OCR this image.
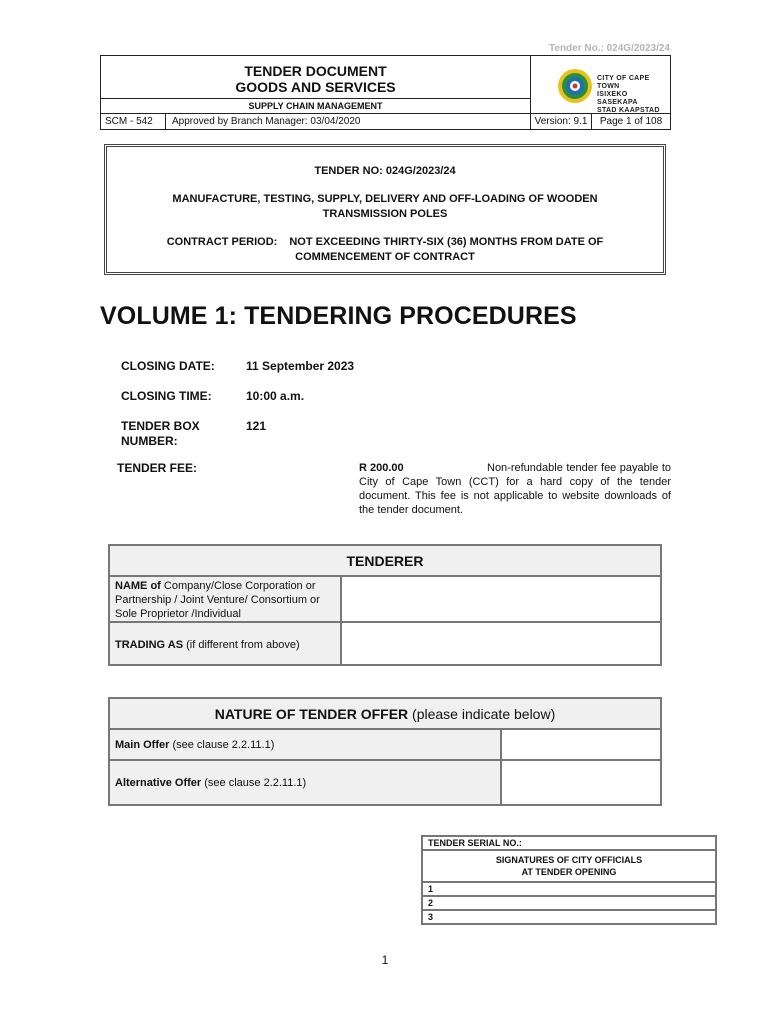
Tender No.: 024G/2023/24
TENDER DOCUMENT
GOODS AND SERVICES
SUPPLY CHAIN MANAGEMENT
SCM - 542	Approved by Branch Manager: 03/04/2020
CITY OF CAPE TOWN
ISIXEKO SASEKAPA
STAD KAAPSTAD
Version: 9.1	Page 1 of 108
TENDER NO: 024G/2023/24
MANUFACTURE, TESTING, SUPPLY, DELIVERY AND OFF-LOADING OF WOODEN TRANSMISSION POLES
CONTRACT PERIOD: NOT EXCEEDING THIRTY-SIX (36) MONTHS FROM DATE OF COMMENCEMENT OF CONTRACT
VOLUME 1: TENDERING PROCEDURES
CLOSING DATE:	11 September 2023
CLOSING TIME:	10:00 a.m.
TENDER BOX NUMBER:
121
TENDER FEE:	R 200.00	Non-refundable tender fee payable to City of Cape Town (CCT) for a hard copy of the tender document. This fee is not applicable to website downloads of the tender document.
TENDERER	
NAME of Company/Close Corporation or Partnership / Joint Venture/ Consortium or Sole Proprietor /Individual	
TRADING AS (if different from above)	
NATURE OF TENDER OFFER (please indicate below)	
Main Offer (see clause 2.2.11.1)	
Alternative Offer (see clause 2.2.11.1)	
TENDER SERIAL NO.:

SIGNATURES OF CITY OFFICIALS
AT TENDER OPENING

1
2
3
1
